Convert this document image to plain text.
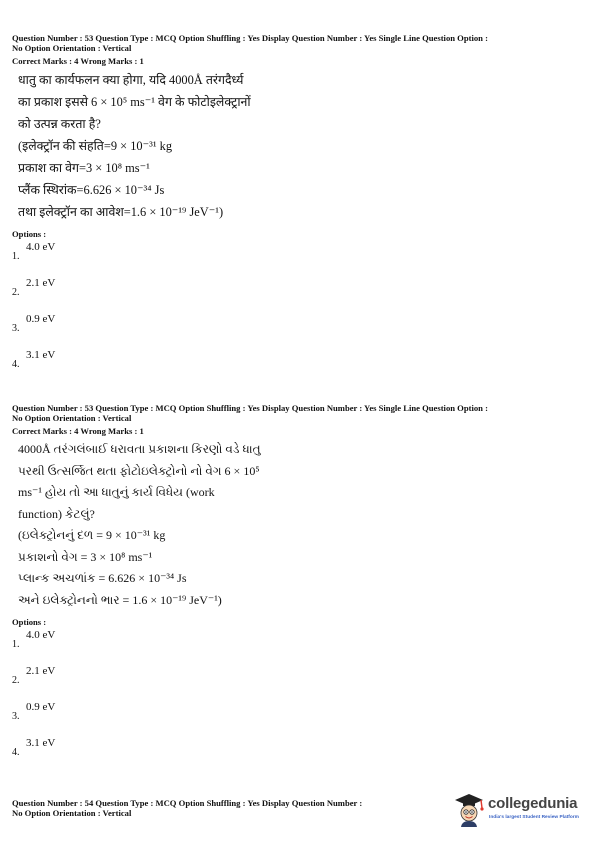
Question Number : 53 Question Type : MCQ Option Shuffling : Yes Display Question Number : Yes Single Line Question Option :
No Option Orientation : Vertical
Correct Marks : 4 Wrong Marks : 1
धातु का कार्यफलन क्या होगा, यदि 4000Å तरंगदैर्ध्य
का प्रकाश इससे 6 × 10⁵ ms⁻¹ वेग के फोटोइलेक्ट्रानों
को उत्पन्न करता है?
(इलेक्ट्रॉन की संहति=9 × 10⁻³¹ kg
प्रकाश का वेग=3 × 10⁸ ms⁻¹
प्लैंक स्थिरांक=6.626 × 10⁻³⁴ Js
तथा इलेक्ट्रॉन का आवेश=1.6 × 10⁻¹⁹ JeV⁻¹)
Options :
1.
4.0 eV
2.
2.1 eV
3.
0.9 eV
4.
3.1 eV
Question Number : 53 Question Type : MCQ Option Shuffling : Yes Display Question Number : Yes Single Line Question Option :
No Option Orientation : Vertical
Correct Marks : 4 Wrong Marks : 1
4000Å તરંગલંબાઈ ધરાવતા પ્રકાશના કિરણો વડે ધાતુ
પરથી ઉત્સર્જિત થતા ફોટોઇલેક્ટ્રોનો નો વેગ 6 × 10⁵
ms⁻¹ હોય તો આ ધાતુનું કાર્ય વિધેય (work
function) કેટલું?
(ઇલેક્ટ્રોનનું દળ = 9 × 10⁻³¹ kg
પ્રકાશનો વેગ = 3 × 10⁸ ms⁻¹
પ્લાન્ક અચળાંક = 6.626 × 10⁻³⁴ Js
અને ઇલેક્ટ્રોનનો ભાર = 1.6 × 10⁻¹⁹ JeV⁻¹)
Options :
1.
4.0 eV
2.
2.1 eV
3.
0.9 eV
4.
3.1 eV
Question Number : 54 Question Type : MCQ Option Shuffling : Yes Display Question Number :
No Option Orientation : Vertical
collegedunia
India's largest Student Review Platform
